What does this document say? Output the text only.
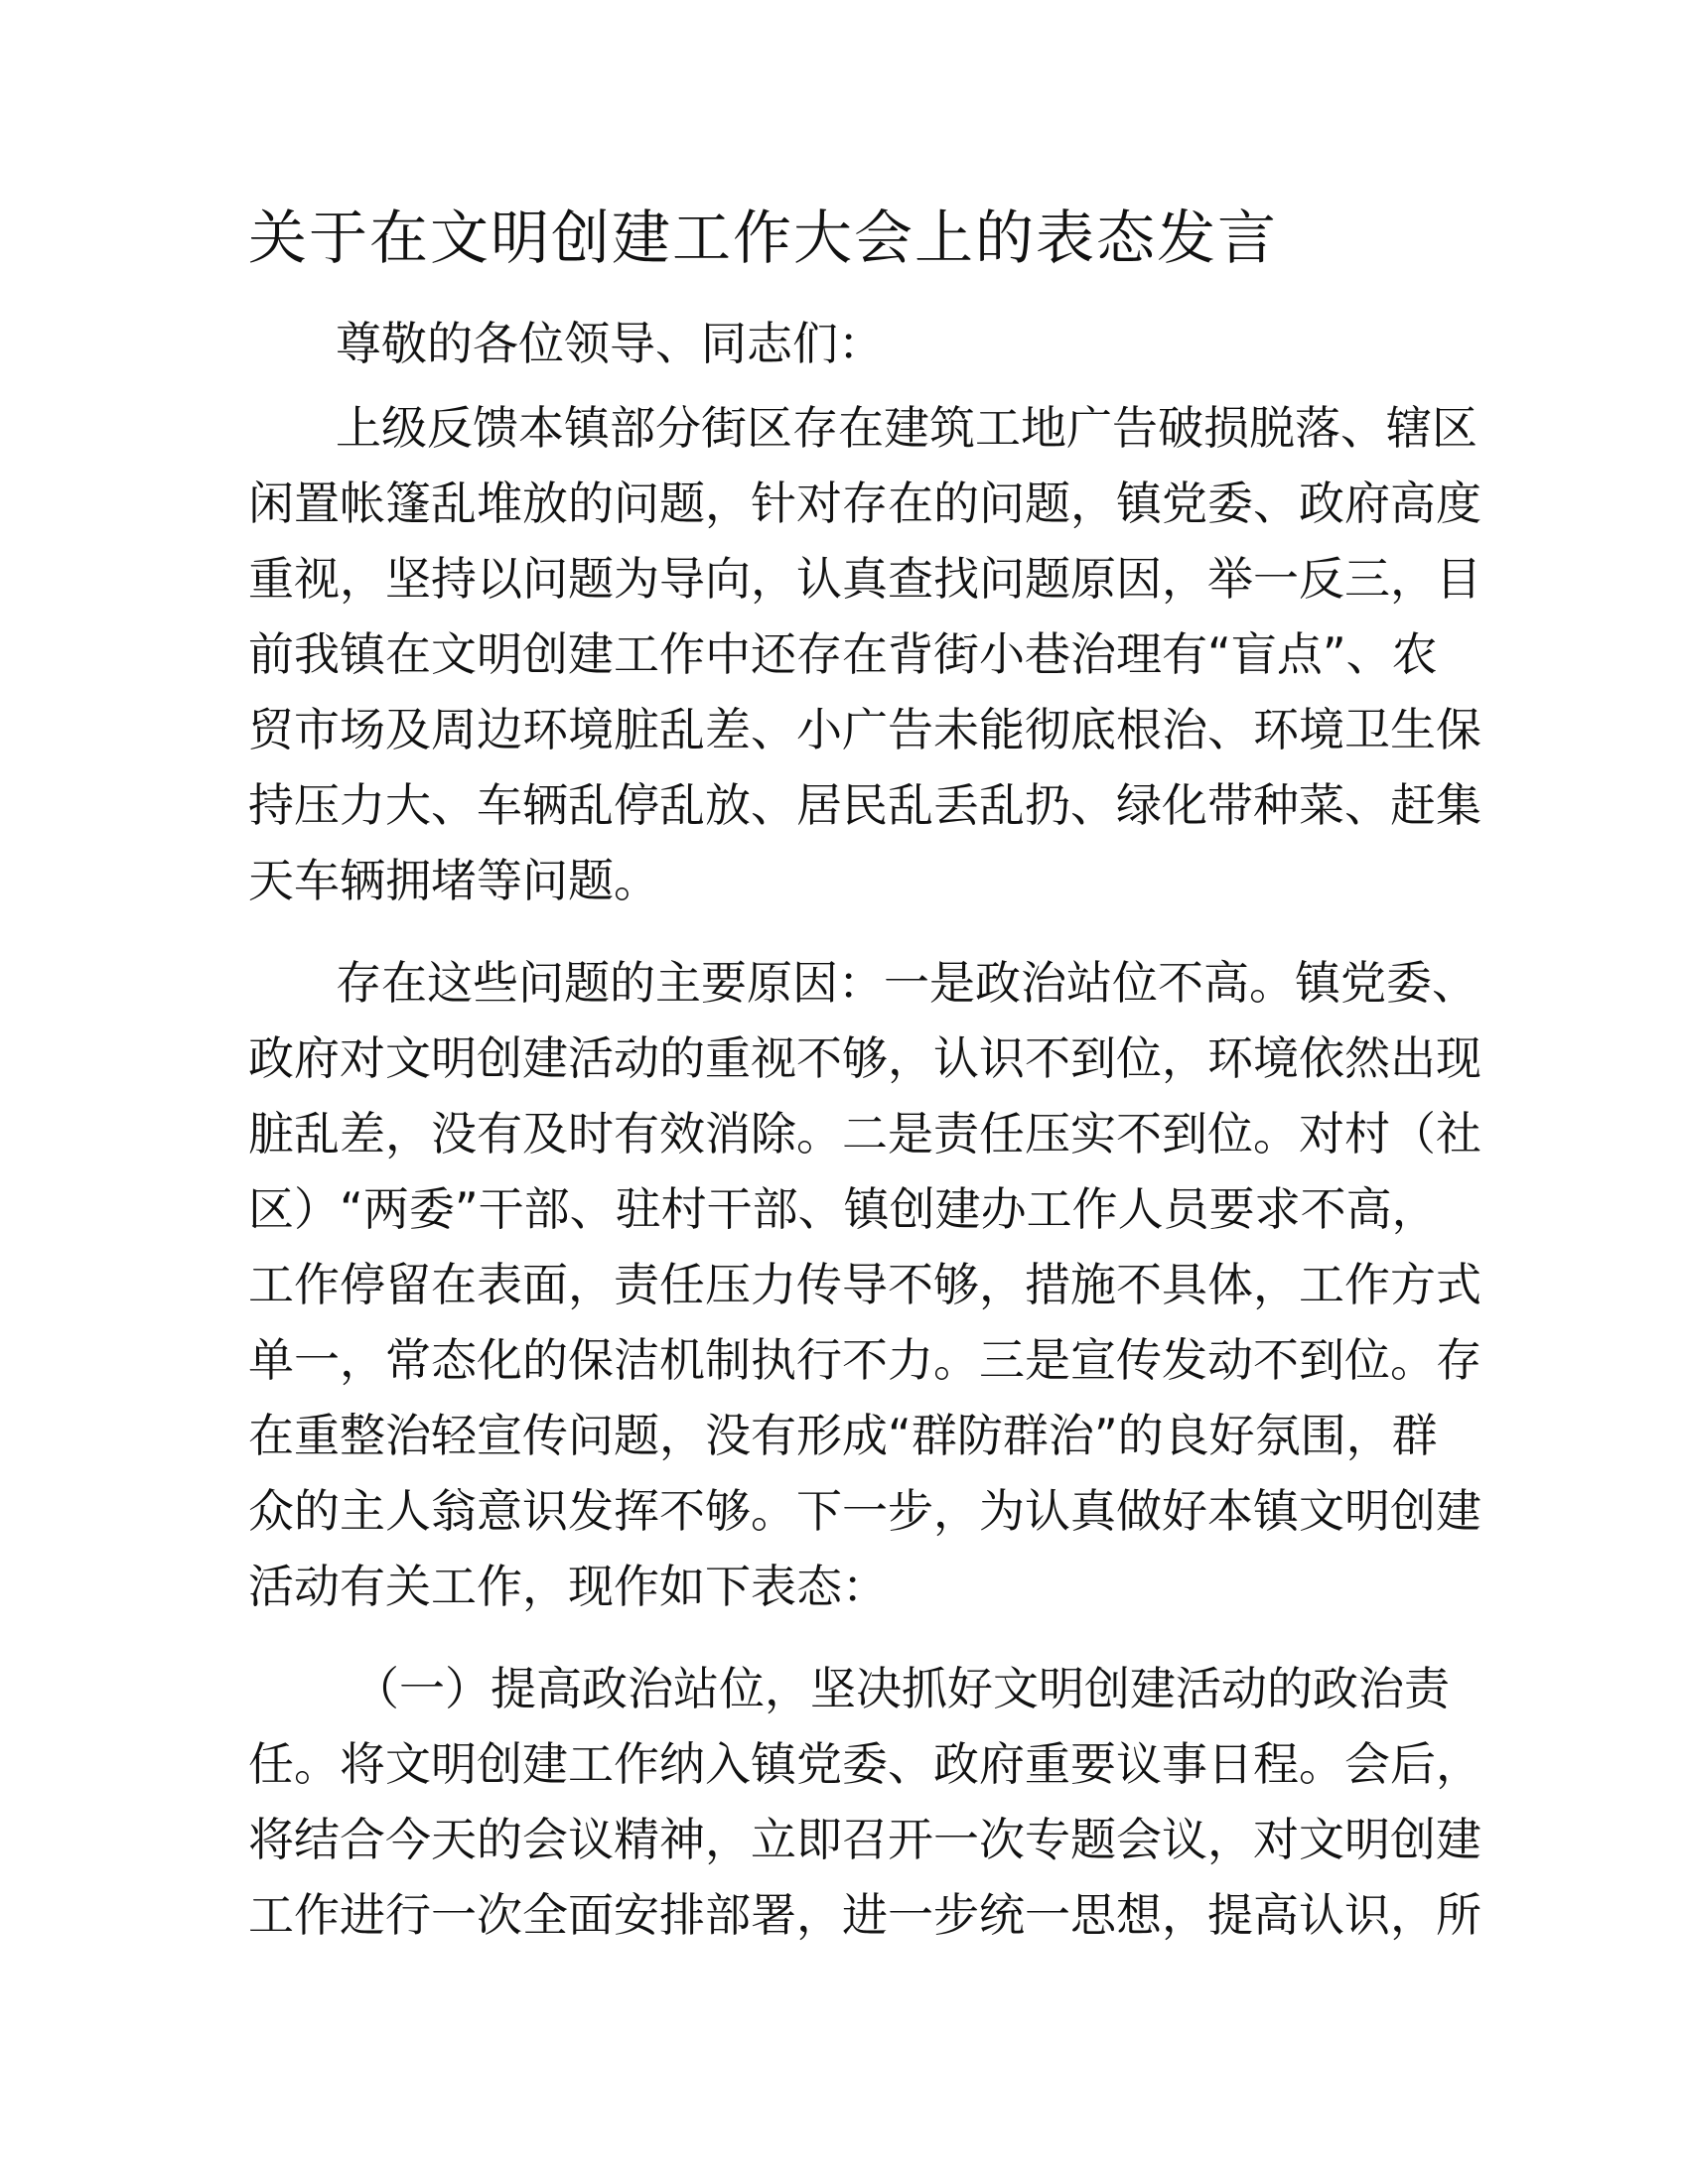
关于在文明创建工作大会上的表态发言

尊敬的各位领导、同志们：

上级反馈本镇部分街区存在建筑工地广告破损脱落、辖区

闲置帐篷乱堆放的问题，针对存在的问题，镇党委、政府高度

重视，坚持以问题为导向，认真查找问题原因，举一反三，目

前我镇在文明创建工作中还存在背街小巷治理有“盲点”、农

贸市场及周边环境脏乱差、小广告未能彻底根治、环境卫生保

持压力大、车辆乱停乱放、居民乱丢乱扔、绿化带种菜、赶集

天车辆拥堵等问题。

存在这些问题的主要原因：一是政治站位不高。镇党委、

政府对文明创建活动的重视不够，认识不到位，环境依然出现

脏乱差，没有及时有效消除。二是责任压实不到位。对村（社

区）“两委”干部、驻村干部、镇创建办工作人员要求不高，

工作停留在表面，责任压力传导不够，措施不具体，工作方式

单一，常态化的保洁机制执行不力。三是宣传发动不到位。存

在重整治轻宣传问题，没有形成“群防群治”的良好氛围，群

众的主人翁意识发挥不够。下一步，为认真做好本镇文明创建

活动有关工作，现作如下表态：

（一）提高政治站位，坚决抓好文明创建活动的政治责

任。将文明创建工作纳入镇党委、政府重要议事日程。会后，

将结合今天的会议精神，立即召开一次专题会议，对文明创建

工作进行一次全面安排部署，进一步统一思想，提高认识，所
